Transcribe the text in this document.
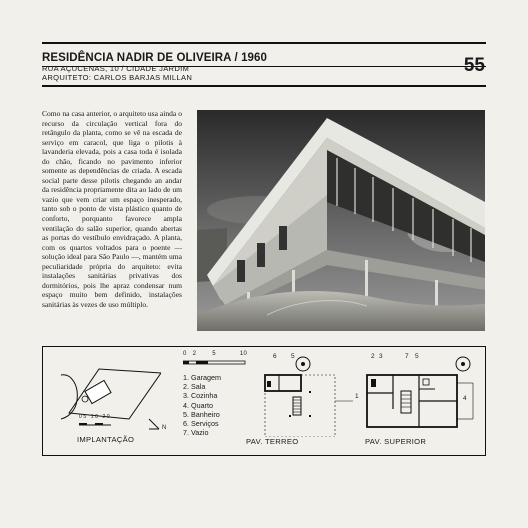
RESIDÊNCIA NADIR DE OLIVEIRA / 1960
RUA AÇUCENAS, 10 / CIDADE JARDIM
ARQUITETO: CARLOS BARJAS MILLAN
55

Como na casa anterior, o arquiteto usa ainda o recurso da circulação vertical fora do retângulo da planta, como se vê na escada de serviço em caracol, que liga o pilotis à lavanderia elevada, pois a casa toda é isolada do chão, ficando no pavimento inferior somente as dependências de criada. A escada social parte desse pilotis chegando an andar da residência propriamente dita ao lado de um vazio que vem criar um espaço inesperado, tanto sob o ponto de vista plástico quanto de conforto, porquanto favorece ampla ventilação do salão superior, quando abertas as portas do vestíbulo envidraçado. A planta, com os quartos voltados para o poente — solução ideal para São Paulo —, mantém uma peculiaridade própria do arquiteto: evita instalações sanitárias privativas dos dormitórios, pois lhe apraz condensar num espaço muito bem definido, instalações sanitárias às vezes de uso múltiplo.

05 10 20
N
IMPLANTAÇÃO
0 2	5	10
1. Garagem
2. Sala
3. Cozinha
4. Quarto
5. Banheiro
6. Serviços
7. Vazio
6 5
1
PAV. TERREO
2 3	7 5
4
PAV. SUPERIOR
